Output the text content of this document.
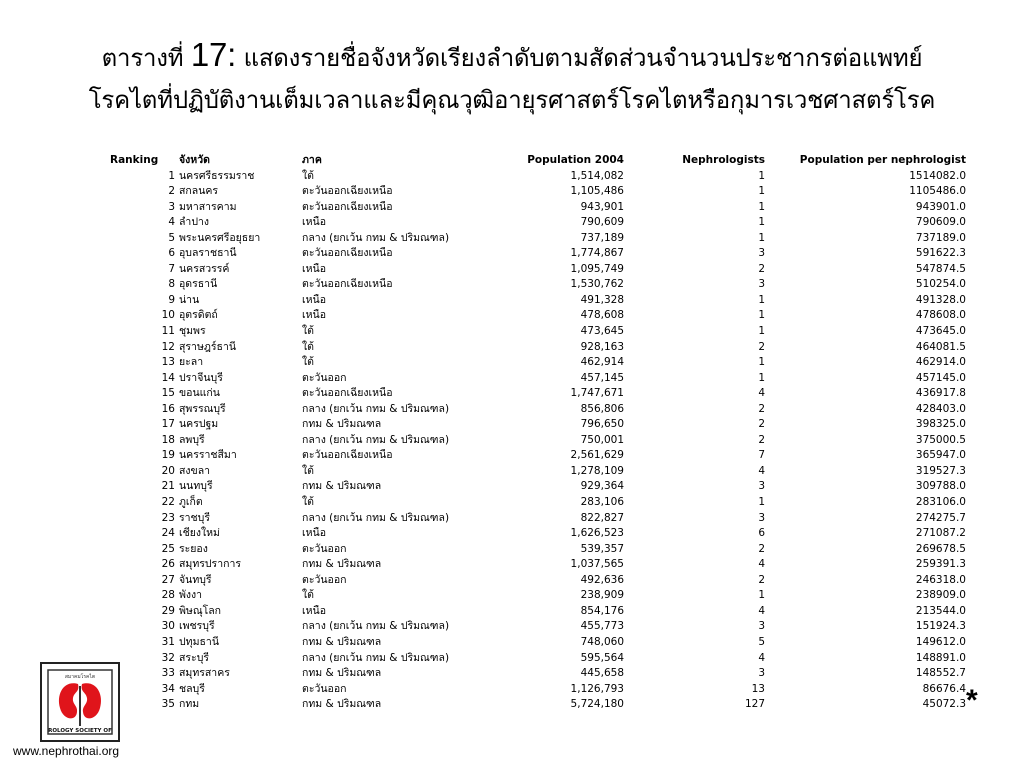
ตารางที่ 17: แสดงรายชื่อจังหวัดเรียงลำดับตามสัดส่วนจำนวนประชากรต่อแพทย์
โรคไตที่ปฏิบัติงานเต็มเวลาและมีคุณวุฒิอายุรศาสตร์โรคไตหรือกุมารเวชศาสตร์โรค
Ranking	จังหวัด	ภาค	Population 2004	Nephrologists	Population per nephrologist
1	นครศรีธรรมราช	ใต้	1,514,082	1	1514082.0
2	สกลนคร	ตะวันออกเฉียงเหนือ	1,105,486	1	1105486.0
3	มหาสารคาม	ตะวันออกเฉียงเหนือ	943,901	1	943901.0
4	ลำปาง	เหนือ	790,609	1	790609.0
5	พระนครศรีอยุธยา	กลาง (ยกเว้น กทม & ปริมณฑล)	737,189	1	737189.0
6	อุบลราชธานี	ตะวันออกเฉียงเหนือ	1,774,867	3	591622.3
7	นครสวรรค์	เหนือ	1,095,749	2	547874.5
8	อุดรธานี	ตะวันออกเฉียงเหนือ	1,530,762	3	510254.0
9	น่าน	เหนือ	491,328	1	491328.0
10	อุตรดิตถ์	เหนือ	478,608	1	478608.0
11	ชุมพร	ใต้	473,645	1	473645.0
12	สุราษฎร์ธานี	ใต้	928,163	2	464081.5
13	ยะลา	ใต้	462,914	1	462914.0
14	ปราจีนบุรี	ตะวันออก	457,145	1	457145.0
15	ขอนแก่น	ตะวันออกเฉียงเหนือ	1,747,671	4	436917.8
16	สุพรรณบุรี	กลาง (ยกเว้น กทม & ปริมณฑล)	856,806	2	428403.0
17	นครปฐม	กทม & ปริมณฑล	796,650	2	398325.0
18	ลพบุรี	กลาง (ยกเว้น กทม & ปริมณฑล)	750,001	2	375000.5
19	นครราชสีมา	ตะวันออกเฉียงเหนือ	2,561,629	7	365947.0
20	สงขลา	ใต้	1,278,109	4	319527.3
21	นนทบุรี	กทม & ปริมณฑล	929,364	3	309788.0
22	ภูเก็ต	ใต้	283,106	1	283106.0
23	ราชบุรี	กลาง (ยกเว้น กทม & ปริมณฑล)	822,827	3	274275.7
24	เชียงใหม่	เหนือ	1,626,523	6	271087.2
25	ระยอง	ตะวันออก	539,357	2	269678.5
26	สมุทรปราการ	กทม & ปริมณฑล	1,037,565	4	259391.3
27	จันทบุรี	ตะวันออก	492,636	2	246318.0
28	พังงา	ใต้	238,909	1	238909.0
29	พิษณุโลก	เหนือ	854,176	4	213544.0
30	เพชรบุรี	กลาง (ยกเว้น กทม & ปริมณฑล)	455,773	3	151924.3
31	ปทุมธานี	กทม & ปริมณฑล	748,060	5	149612.0
32	สระบุรี	กลาง (ยกเว้น กทม & ปริมณฑล)	595,564	4	148891.0
33	สมุทรสาคร	กทม & ปริมณฑล	445,658	3	148552.7
34	ชลบุรี	ตะวันออก	1,126,793	13	86676.4
35	กทม	กทม & ปริมณฑล	5,724,180	127	45072.3 *
สมาคมโรคไต
ROLOGY SOCIETY OF
www.nephrothai.org
